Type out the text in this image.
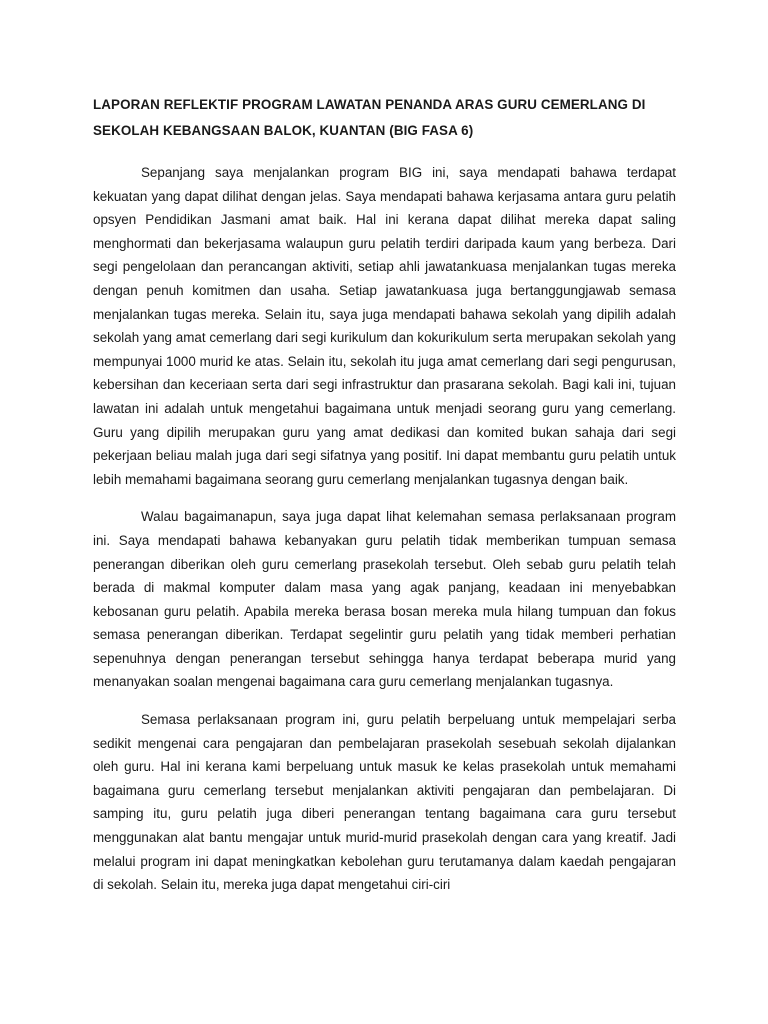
LAPORAN REFLEKTIF PROGRAM LAWATAN PENANDA ARAS GURU CEMERLANG DI SEKOLAH KEBANGSAAN BALOK, KUANTAN (BIG FASA 6)

Sepanjang saya menjalankan program BIG ini, saya mendapati bahawa terdapat kekuatan yang dapat dilihat dengan jelas. Saya mendapati bahawa kerjasama antara guru pelatih opsyen Pendidikan Jasmani amat baik. Hal ini kerana dapat dilihat mereka dapat saling menghormati dan bekerjasama walaupun guru pelatih terdiri daripada kaum yang berbeza. Dari segi pengelolaan dan perancangan aktiviti, setiap ahli jawatankuasa menjalankan tugas mereka dengan penuh komitmen dan usaha. Setiap jawatankuasa juga bertanggungjawab semasa menjalankan tugas mereka. Selain itu, saya juga mendapati bahawa sekolah yang dipilih adalah sekolah yang amat cemerlang dari segi kurikulum dan kokurikulum serta merupakan sekolah yang mempunyai 1000 murid ke atas. Selain itu, sekolah itu juga amat cemerlang dari segi pengurusan, kebersihan dan keceriaan serta dari segi infrastruktur dan prasarana sekolah. Bagi kali ini, tujuan lawatan ini adalah untuk mengetahui bagaimana untuk menjadi seorang guru yang cemerlang. Guru yang dipilih merupakan guru yang amat dedikasi dan komited bukan sahaja dari segi pekerjaan beliau malah juga dari segi sifatnya yang positif. Ini dapat membantu guru pelatih untuk lebih memahami bagaimana seorang guru cemerlang menjalankan tugasnya dengan baik.

Walau bagaimanapun, saya juga dapat lihat kelemahan semasa perlaksanaan program ini. Saya mendapati bahawa kebanyakan guru pelatih tidak memberikan tumpuan semasa penerangan diberikan oleh guru cemerlang prasekolah tersebut. Oleh sebab guru pelatih telah berada di makmal komputer dalam masa yang agak panjang, keadaan ini menyebabkan kebosanan guru pelatih. Apabila mereka berasa bosan mereka mula hilang tumpuan dan fokus semasa penerangan diberikan. Terdapat segelintir guru pelatih yang tidak memberi perhatian sepenuhnya dengan penerangan tersebut sehingga hanya terdapat beberapa murid yang menanyakan soalan mengenai bagaimana cara guru cemerlang menjalankan tugasnya.

Semasa perlaksanaan program ini, guru pelatih berpeluang untuk mempelajari serba sedikit mengenai cara pengajaran dan pembelajaran prasekolah sesebuah sekolah dijalankan oleh guru. Hal ini kerana kami berpeluang untuk masuk ke kelas prasekolah untuk memahami bagaimana guru cemerlang tersebut menjalankan aktiviti pengajaran dan pembelajaran. Di samping itu, guru pelatih juga diberi penerangan tentang bagaimana cara guru tersebut menggunakan alat bantu mengajar untuk murid-murid prasekolah dengan cara yang kreatif. Jadi melalui program ini dapat meningkatkan kebolehan guru terutamanya dalam kaedah pengajaran di sekolah. Selain itu, mereka juga dapat mengetahui ciri-ciri
